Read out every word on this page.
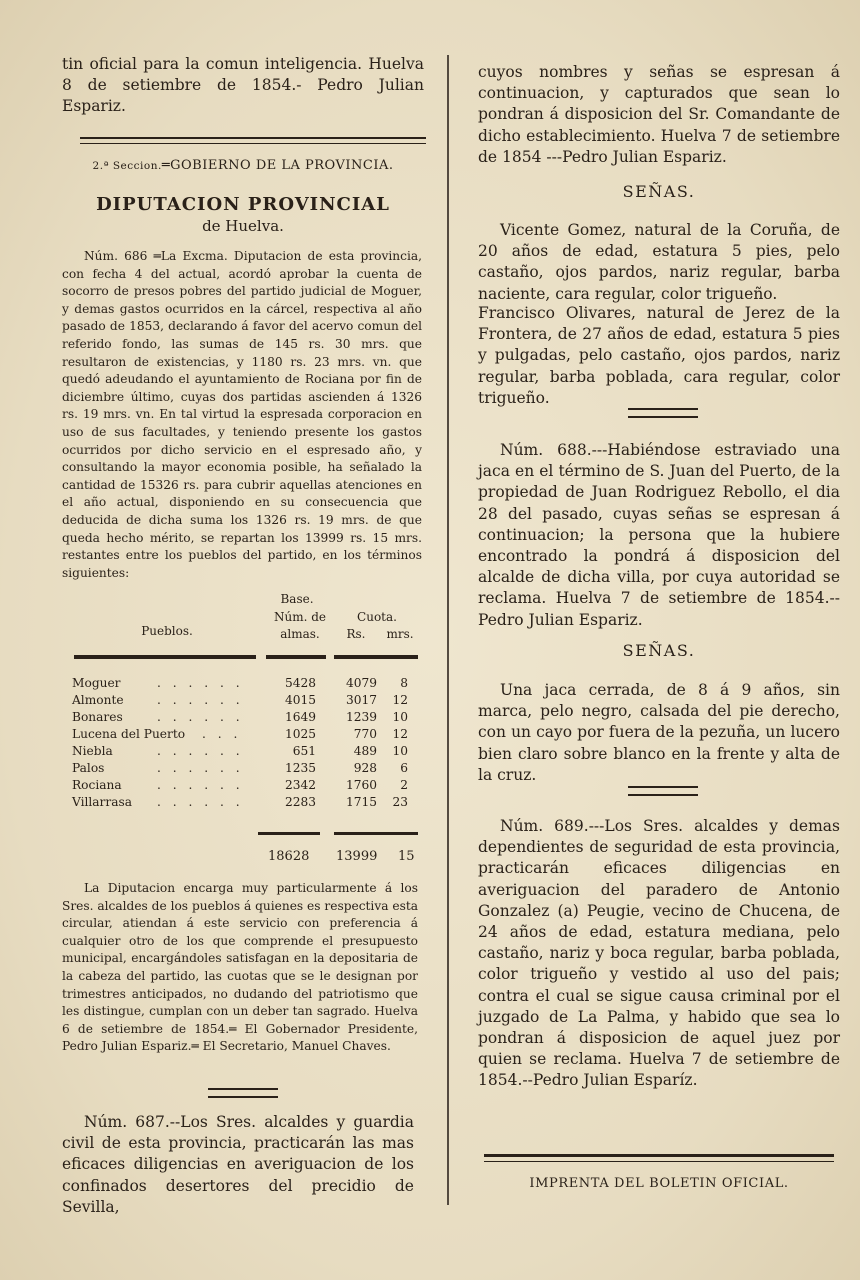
tin oficial para la comun inteligencia. Huelva 8 de setiembre de 1854.- Pedro Julian Espariz.

2.ª Seccion.═GOBIERNO DE LA PROVINCIA.
DIPUTACION PROVINCIAL
de Huelva.

Núm. 686 ═La Excma. Diputacion de esta provincia, con fecha 4 del actual, acordó aprobar la cuenta de socorro de presos pobres del partido judicial de Moguer, y demas gastos ocurridos en la cárcel, respectiva al año pasado de 1853, declarando á favor del acervo comun del referido fondo, las sumas de 145 rs. 30 mrs. que resultaron de existencias, y 1180 rs. 23 mrs. vn. que quedó adeudando el ayuntamiento de Rociana por fin de diciembre último, cuyas dos partidas ascienden á 1326 rs. 19 mrs. vn. En tal virtud la espresada corporacion en uso de sus facultades, y teniendo presente los gastos ocurridos por dicho servicio en el espresado año, y consultando la mayor economia posible, ha señalado la cantidad de 15326 rs. para cubrir aquellas atenciones en el año actual, disponiendo en su consecuencia que deducida de dicha suma los 1326 rs. 19 mrs. de que queda hecho mérito, se repartan los 13999 rs. 15 mrs. restantes entre los pueblos del partido, en los términos siguientes:

Base.
Núm. de	Cuota.
Pueblos.	almas.	Rs.	mrs.
Moguer	. . . . . .	5428	4079	8
Almonte	. . . . . .	4015	3017	12
Bonares	. . . . . .	1649	1239	10
Lucena del Puerto . . .	1025	770	12
Niebla	. . . . . .	651	489	10
Palos	. . . . . .	1235	928	6
Rociana	. . . . . .	2342	1760	2
Villarrasa . . . . . .	2283	1715	23
18628 13999 15

La Diputacion encarga muy particularmente á los Sres. alcaldes de los pueblos á quienes es respectiva esta circular, atiendan á este servicio con preferencia á cualquier otro de los que comprende el presupuesto municipal, encargándoles satisfagan en la depositaria de la cabeza del partido, las cuotas que se le designan por trimestres anticipados, no dudando del patriotismo que les distingue, cumplan con un deber tan sagrado. Huelva 6 de setiembre de 1854.═ El Gobernador Presidente, Pedro Julian Espariz.═ El Secretario, Manuel Chaves.

Núm. 687.--Los Sres. alcaldes y guardia civil de esta provincia, practicarán las mas eficaces diligencias en averiguacion de los confinados desertores del precidio de Sevilla,

cuyos nombres y señas se espresan á continuacion, y capturados que sean lo pondran á disposicion del Sr. Comandante de dicho establecimiento. Huelva 7 de setiembre de 1854 ---Pedro Julian Espariz.

SEÑAS.

Vicente Gomez, natural de la Coruña, de 20 años de edad, estatura 5 pies, pelo castaño, ojos pardos, nariz regular, barba naciente, cara regular, color trigueño.

Francisco Olivares, natural de Jerez de la Frontera, de 27 años de edad, estatura 5 pies y pulgadas, pelo castaño, ojos pardos, nariz regular, barba poblada, cara regular, color trigueño.

Núm. 688.---Habiéndose estraviado una jaca en el término de S. Juan del Puerto, de la propiedad de Juan Rodriguez Rebollo, el dia 28 del pasado, cuyas señas se espresan á continuacion; la persona que la hubiere encontrado la pondrá á disposicion del alcalde de dicha villa, por cuya autoridad se reclama. Huelva 7 de setiembre de 1854.--Pedro Julian Espariz.

SEÑAS.

Una jaca cerrada, de 8 á 9 años, sin marca, pelo negro, calsada del pie derecho, con un cayo por fuera de la pezuña, un lucero bien claro sobre blanco en la frente y alta de la cruz.

Núm. 689.---Los Sres. alcaldes y demas dependientes de seguridad de esta provincia, practicarán eficaces diligencias en averiguacion del paradero de Antonio Gonzalez (a) Peugie, vecino de Chucena, de 24 años de edad, estatura mediana, pelo castaño, nariz y boca regular, barba poblada, color trigueño y vestido al uso del pais; contra el cual se sigue causa criminal por el juzgado de La Palma, y habido que sea lo pondran á disposicion de aquel juez por quien se reclama. Huelva 7 de setiembre de 1854.--Pedro Julian Esparíz.

IMPRENTA DEL BOLETIN OFICIAL.
